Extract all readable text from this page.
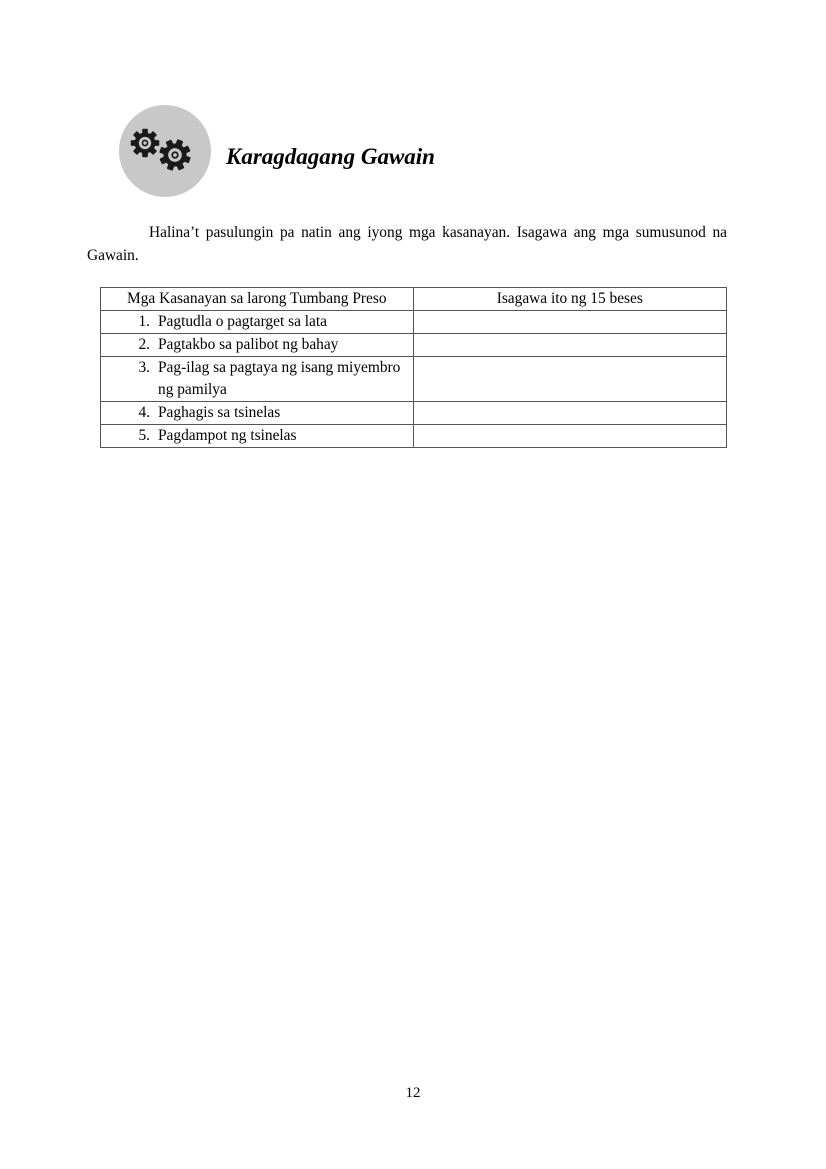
Karagdagang Gawain

Halina’t pasulungin pa natin ang iyong mga kasanayan. Isagawa ang mga sumusunod na Gawain.

Mga Kasanayan sa larong Tumbang Preso	Isagawa ito ng 15 beses

1. Pagtudla o pagtarget sa lata	

2. Pagtakbo sa palibot ng bahay	

3. Pag-ilag sa pagtaya ng isang miyembro ng pamilya	

4. Paghagis sa tsinelas	

5. Pagdampot ng tsinelas	

12
